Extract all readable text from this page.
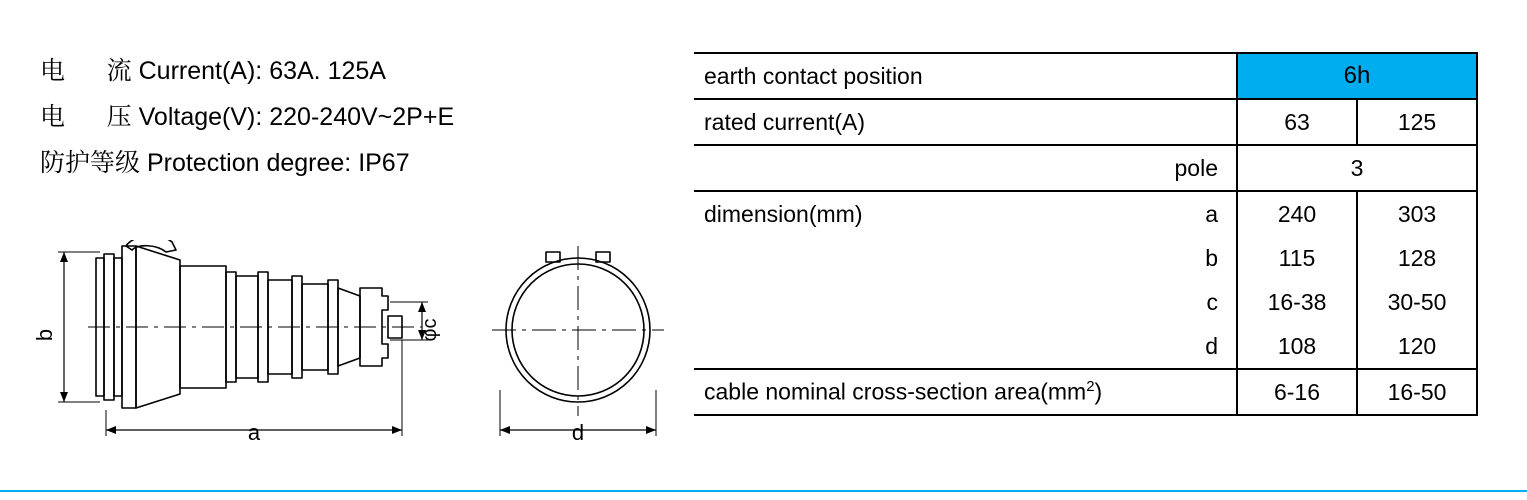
电      流 Current(A): 63A. 125A
电      压 Voltage(V): 220-240V~2P+E
防护等级 Protection degree: IP67
b
a
φc
d
earth contact position	6h	
rated current(A)	63	125
pole	3	
dimension(mm) a	240	303
b	115	128
c	16-38	30-50
d	108	120
cable nominal cross-section $area(mm^2)$	6-16	16-50
